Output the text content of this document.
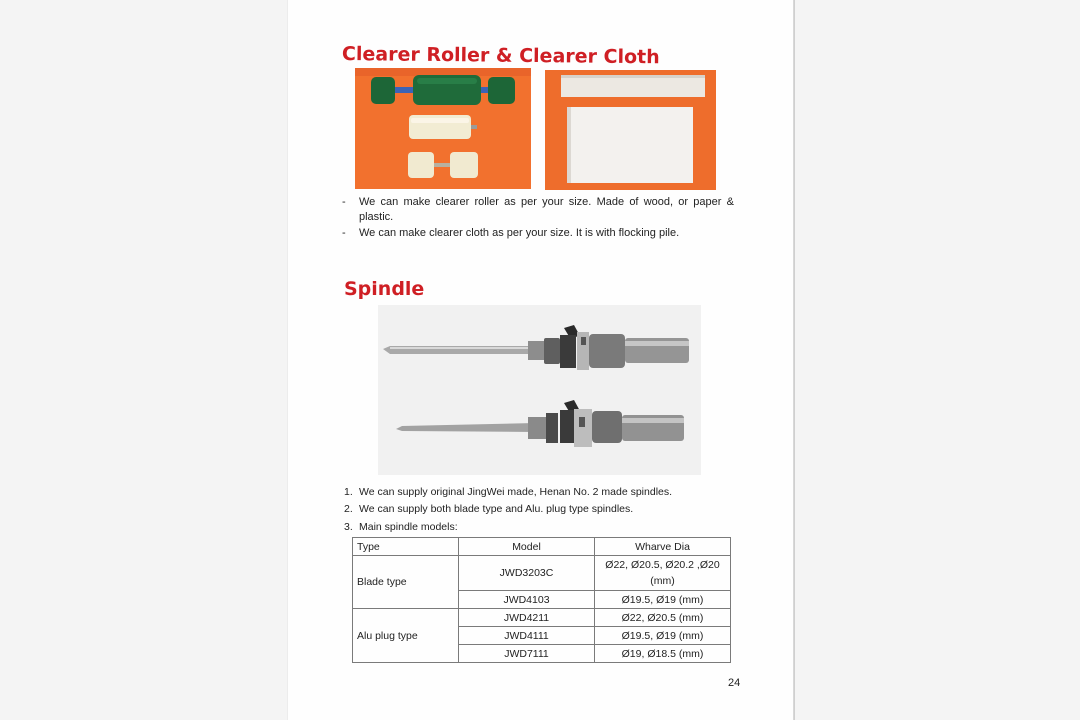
Clearer Roller & Clearer Cloth

- We can make clearer roller as per your size. Made of wood, or paper & plastic.

- We can make clearer cloth as per your size. It is with flocking pile.

Spindle

1. We can supply original JingWei made, Henan No. 2 made spindles.

2. We can supply both blade type and Alu. plug type spindles.

3. Main spindle models:

Type	Model	Wharve Dia
Blade type	JWD3203C	Ø22, Ø20.5, Ø20.2 ,Ø20 (mm)
	JWD4103	Ø19.5, Ø19 (mm)
Alu plug type	JWD4211	Ø22, Ø20.5 (mm)
	JWD4111	Ø19.5, Ø19 (mm)
	JWD7111	Ø19, Ø18.5 (mm)

24
